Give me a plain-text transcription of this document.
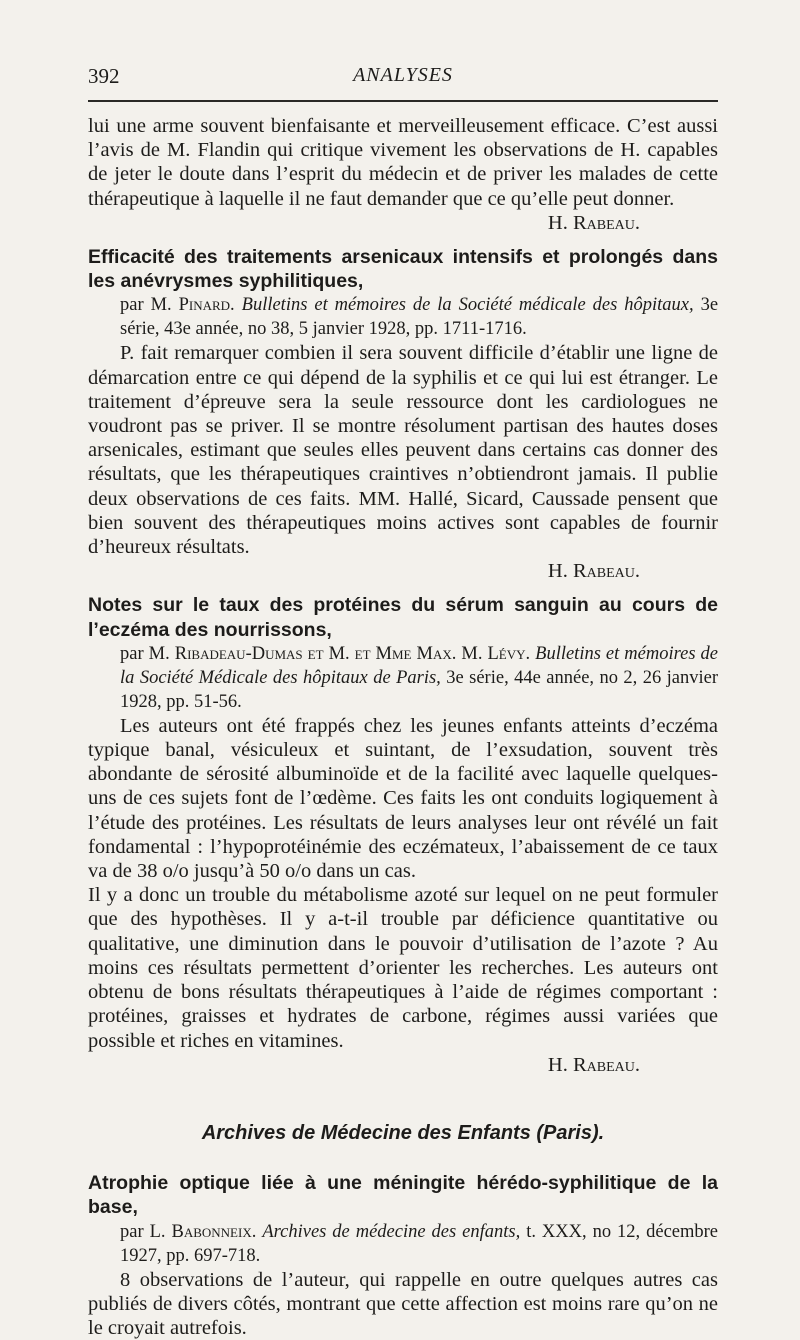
392	ANALYSES

lui une arme souvent bienfaisante et merveilleusement efficace. C’est aussi l’avis de M. Flandin qui critique vivement les observations de H. capables de jeter le doute dans l’esprit du médecin et de priver les malades de cette thérapeutique à laquelle il ne faut demander que ce qu’elle peut donner.

H. Rabeau.

Efficacité des traitements arsenicaux intensifs et prolongés dans les anévrysmes syphilitiques,

par M. Pinard. Bulletins et mémoires de la Société médicale des hôpitaux, 3e série, 43e année, no 38, 5 janvier 1928, pp. 1711-1716.

P. fait remarquer combien il sera souvent difficile d’établir une ligne de démarcation entre ce qui dépend de la syphilis et ce qui lui est étranger. Le traitement d’épreuve sera la seule ressource dont les cardiologues ne voudront pas se priver. Il se montre résolument partisan des hautes doses arsenicales, estimant que seules elles peuvent dans certains cas donner des résultats, que les thérapeutiques craintives n’obtiendront jamais. Il publie deux observations de ces faits. MM. Hallé, Sicard, Caussade pensent que bien souvent des thérapeutiques moins actives sont capables de fournir d’heureux résultats.

H. Rabeau.

Notes sur le taux des protéines du sérum sanguin au cours de l’eczéma des nourrissons,

par M. Ribadeau-Dumas et M. et Mme Max. M. Lévy. Bulletins et mémoires de la Société Médicale des hôpitaux de Paris, 3e série, 44e année, no 2, 26 janvier 1928, pp. 51-56.

Les auteurs ont été frappés chez les jeunes enfants atteints d’eczéma typique banal, vésiculeux et suintant, de l’exsudation, souvent très abondante de sérosité albuminoïde et de la facilité avec laquelle quelques-uns de ces sujets font de l’œdème. Ces faits les ont conduits logiquement à l’étude des protéines. Les résultats de leurs analyses leur ont révélé un fait fondamental : l’hypoprotéinémie des eczémateux, l’abaissement de ce taux va de 38 o/o jusqu’à 50 o/o dans un cas.

Il y a donc un trouble du métabolisme azoté sur lequel on ne peut formuler que des hypothèses. Il y a-t-il trouble par déficience quantitative ou qualitative, une diminution dans le pouvoir d’utilisation de l’azote ? Au moins ces résultats permettent d’orienter les recherches. Les auteurs ont obtenu de bons résultats thérapeutiques à l’aide de régimes comportant : protéines, graisses et hydrates de carbone, régimes aussi variées que possible et riches en vitamines.

H. Rabeau.

Archives de Médecine des Enfants (Paris).

Atrophie optique liée à une méningite hérédo-syphilitique de la base,

par L. Babonneix. Archives de médecine des enfants, t. XXX, no 12, décembre 1927, pp. 697-718.

8 observations de l’auteur, qui rappelle en outre quelques autres cas publiés de divers côtés, montrant que cette affection est moins rare qu’on ne le croyait autrefois.
